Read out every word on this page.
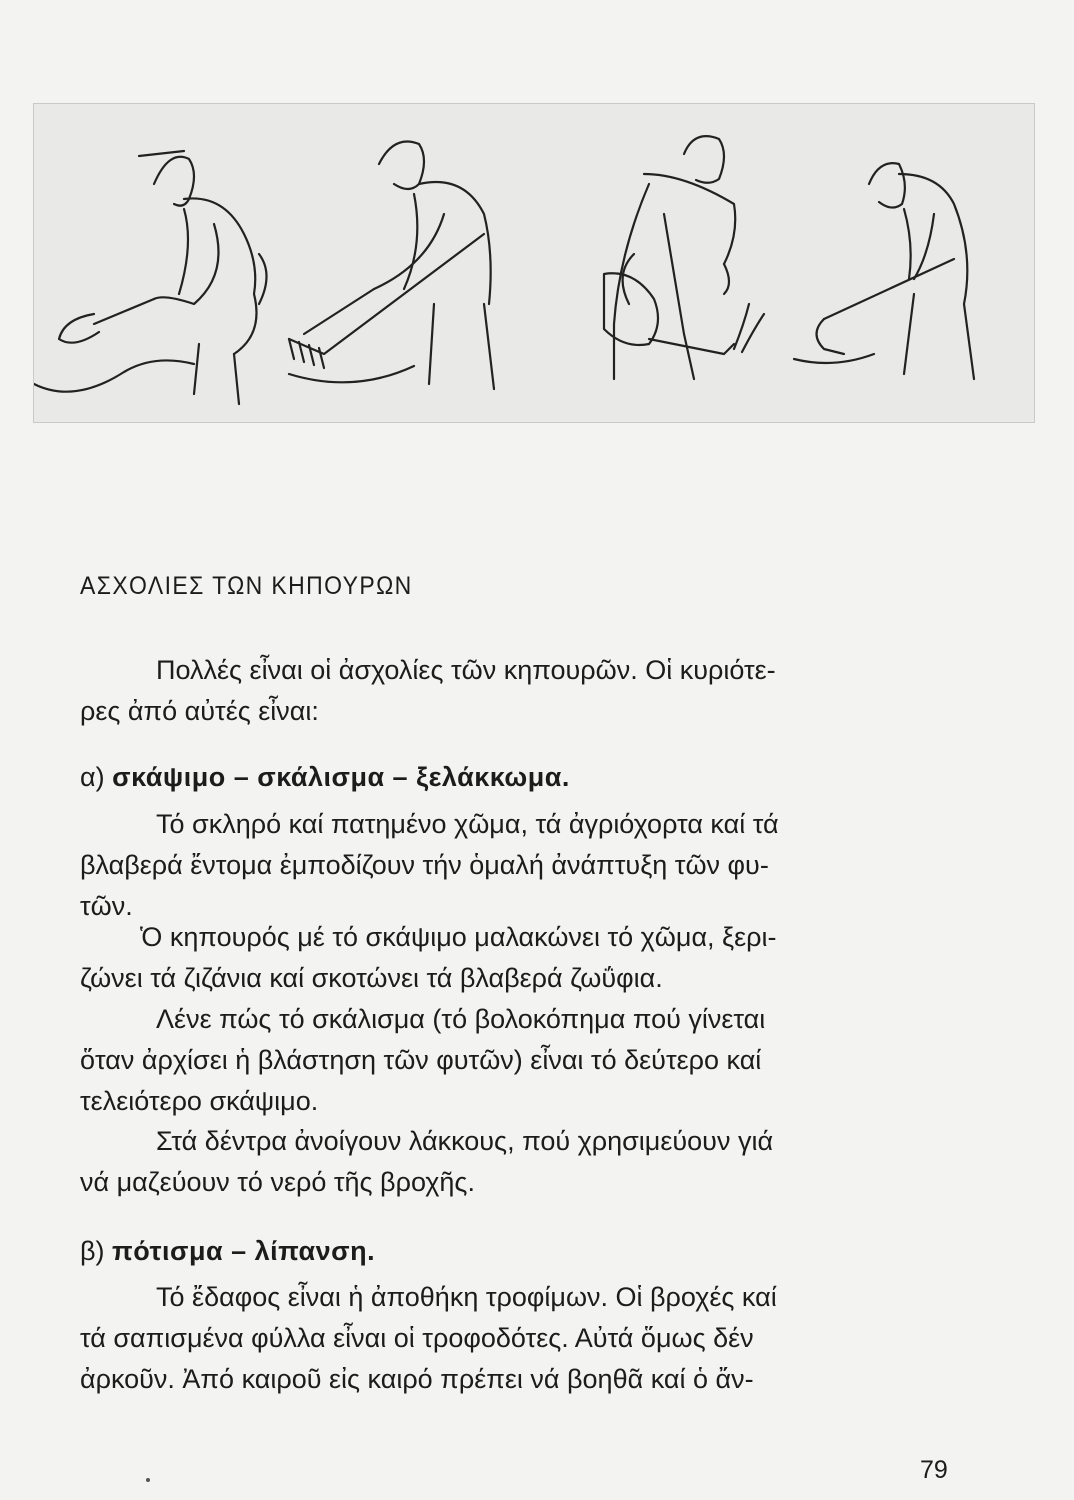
ΑΣΧΟΛΙΕΣ ΤΩΝ ΚΗΠΟΥΡΩΝ
Πολλές εἶναι οἱ ἀσχολίες τῶν κηπουρῶν. Οἱ κυριότε-
ρες ἀπό αὐτές εἶναι:
α) σκάψιμο – σκάλισμα – ξελάκκωμα.
Τό σκληρό καί πατημένο χῶμα, τά ἀγριόχορτα καί τά
βλαβερά ἔντομα ἐμποδίζουν τήν ὁμαλή ἀνάπτυξη τῶν φυ-
τῶν.
Ὁ κηπουρός μέ τό σκάψιμο μαλακώνει τό χῶμα, ξερι-
ζώνει τά ζιζάνια καί σκοτώνει τά βλαβερά ζωΰφια.
Λένε πώς τό σκάλισμα (τό βολοκόπημα πού γίνεται
ὅταν ἀρχίσει ἡ βλάστηση τῶν φυτῶν) εἶναι τό δεύτερο καί
τελειότερο σκάψιμο.
Στά δέντρα ἀνοίγουν λάκκους, πού χρησιμεύουν γιά
νά μαζεύουν τό νερό τῆς βροχῆς.
β) πότισμα – λίπανση.
Τό ἔδαφος εἶναι ἡ ἀποθήκη τροφίμων. Οἱ βροχές καί
τά σαπισμένα φύλλα εἶναι οἱ τροφοδότες. Αὐτά ὅμως δέν
ἀρκοῦν. Ἀπό καιροῦ εἰς καιρό πρέπει νά βοηθᾶ καί ὁ ἄν-
79
